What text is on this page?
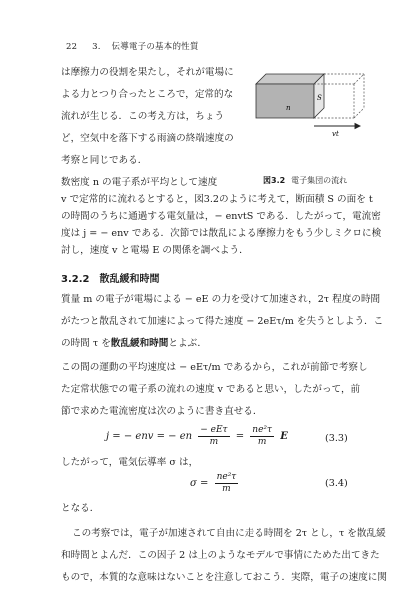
22 3. 伝導電子の基本的性質
は摩擦力の役割を果たし，それが電場に
よる力とつり合ったところで，定常的な
流れが生じる．この考え方は，ちょう
ど，空気中を落下する雨滴の終端速度の
考察と同じである．
n
S
vt
図3.2 電子集団の流れ
数密度 n の電子系が平均として速度
v で定常的に流れるとすると，図3.2のように考えて，断面積 S の面を t
の時間のうちに通過する電気量は，− envtS である．したがって，電流密
度は j = − env である．次節では散乱による摩擦力をもう少しミクロに検
討し，速度 v と電場 E の関係を調べよう．
3.2.2 散乱緩和時間
質量 m の電子が電場による − eE の力を受けて加速され，2τ 程度の時間
がたつと散乱されて加速によって得た速度 − 2eEτ/m を失うとしよう．こ
の時間 τ を散乱緩和時間とよぶ．
この間の運動の平均速度は − eEτ/m であるから，これが前節で考察し
た定常状態での電子系の流れの速度 v であると思い，したがって，前
節で求めた電流密度は次のように書き直せる．
j = − env = − en $\frac{\text{− eEτ}}{m} = \frac{\text{ne²τ}}{m}$ E	(3.3)
したがって，電気伝導率 σ は，
$\sigma = \frac{\text{ne²τ}}{m}$	(3.4)
となる．
この考察では，電子が加速されて自由に走る時間を 2τ とし，τ を散乱緩
和時間とよんだ．この因子 2 は上のようなモデルで事情にためた出てきた
もので，本質的な意味はないことを注意しておこう．実際，電子の速度に関
